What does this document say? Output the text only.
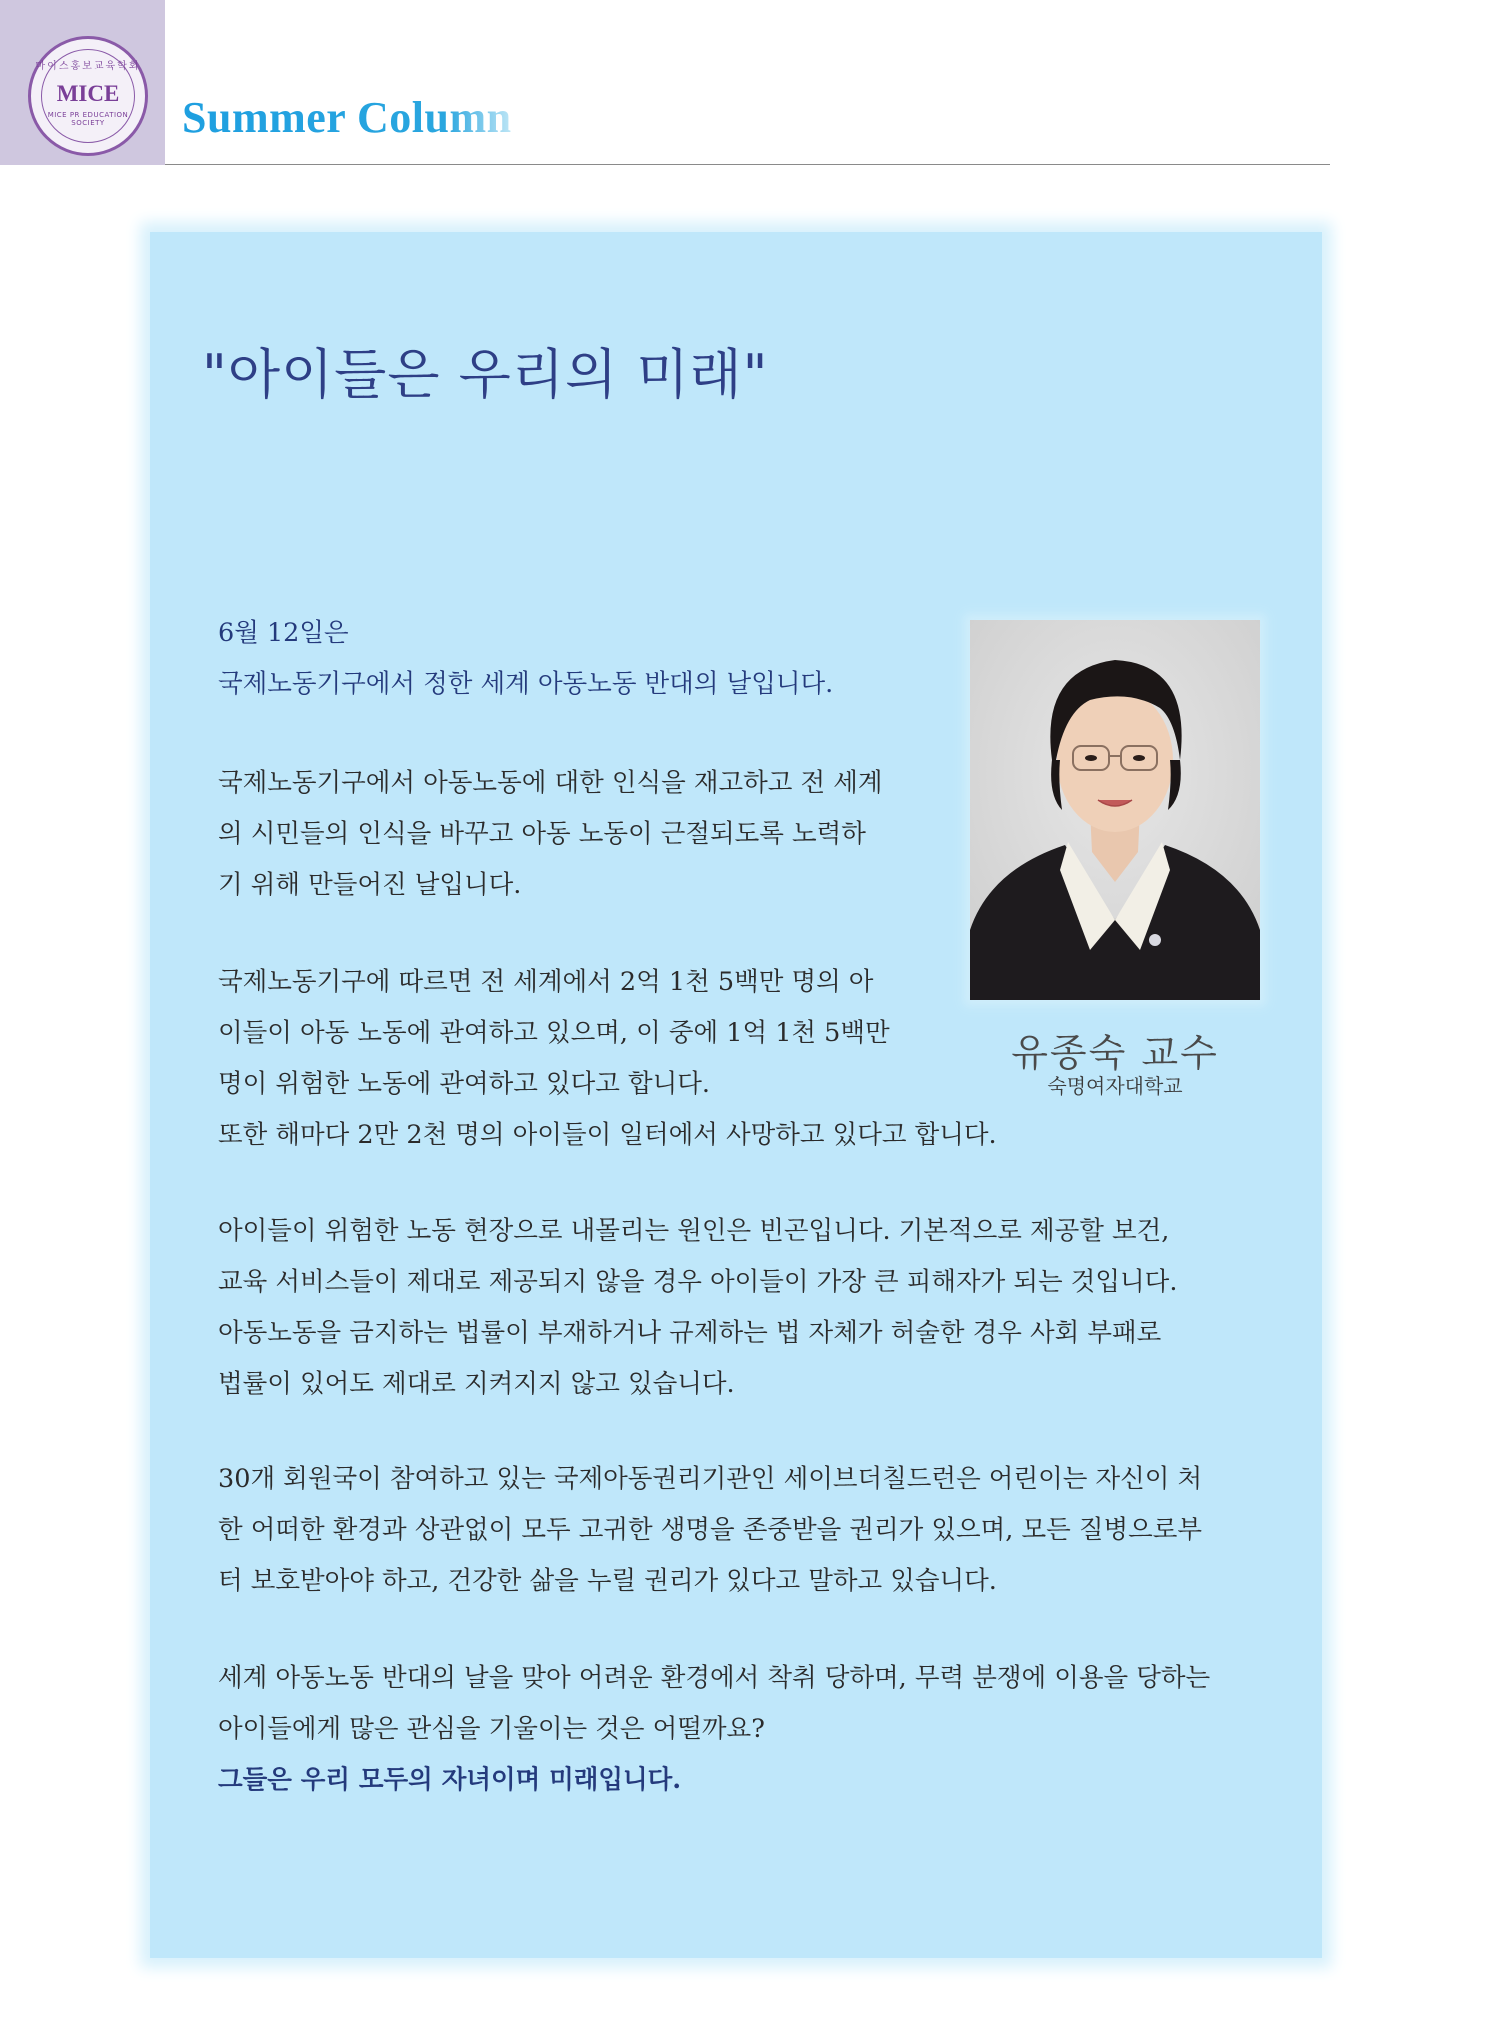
마이스홍보교육학회
MICE
MICE PR EDUCATION SOCIETY	Summer Column
"아이들은 우리의 미래"

6월 12일은

국제노동기구에서 정한 세계 아동노동 반대의 날입니다.

국제노동기구에서 아동노동에 대한 인식을 재고하고 전 세계

의 시민들의 인식을 바꾸고 아동 노동이 근절되도록 노력하

기 위해 만들어진 날입니다.

국제노동기구에 따르면 전 세계에서 2억 1천 5백만 명의 아

이들이 아동 노동에 관여하고 있으며, 이 중에 1억 1천 5백만

명이 위험한 노동에 관여하고 있다고 합니다.

또한 해마다 2만 2천 명의 아이들이 일터에서 사망하고 있다고 합니다.

아이들이 위험한 노동 현장으로 내몰리는 원인은 빈곤입니다. 기본적으로 제공할 보건,

교육 서비스들이 제대로 제공되지 않을 경우 아이들이 가장 큰 피해자가 되는 것입니다.

아동노동을 금지하는 법률이 부재하거나 규제하는 법 자체가 허술한 경우 사회 부패로

법률이 있어도 제대로 지켜지지 않고 있습니다.

30개 회원국이 참여하고 있는 국제아동권리기관인 세이브더칠드런은 어린이는 자신이 처

한 어떠한 환경과 상관없이 모두 고귀한 생명을 존중받을 권리가 있으며, 모든 질병으로부

터 보호받아야 하고, 건강한 삶을 누릴 권리가 있다고 말하고 있습니다.

세계 아동노동 반대의 날을 맞아 어려운 환경에서 착취 당하며, 무력 분쟁에 이용을 당하는

아이들에게 많은 관심을 기울이는 것은 어떨까요?

그들은 우리 모두의 자녀이며 미래입니다.

유종숙 교수
숙명여자대학교
